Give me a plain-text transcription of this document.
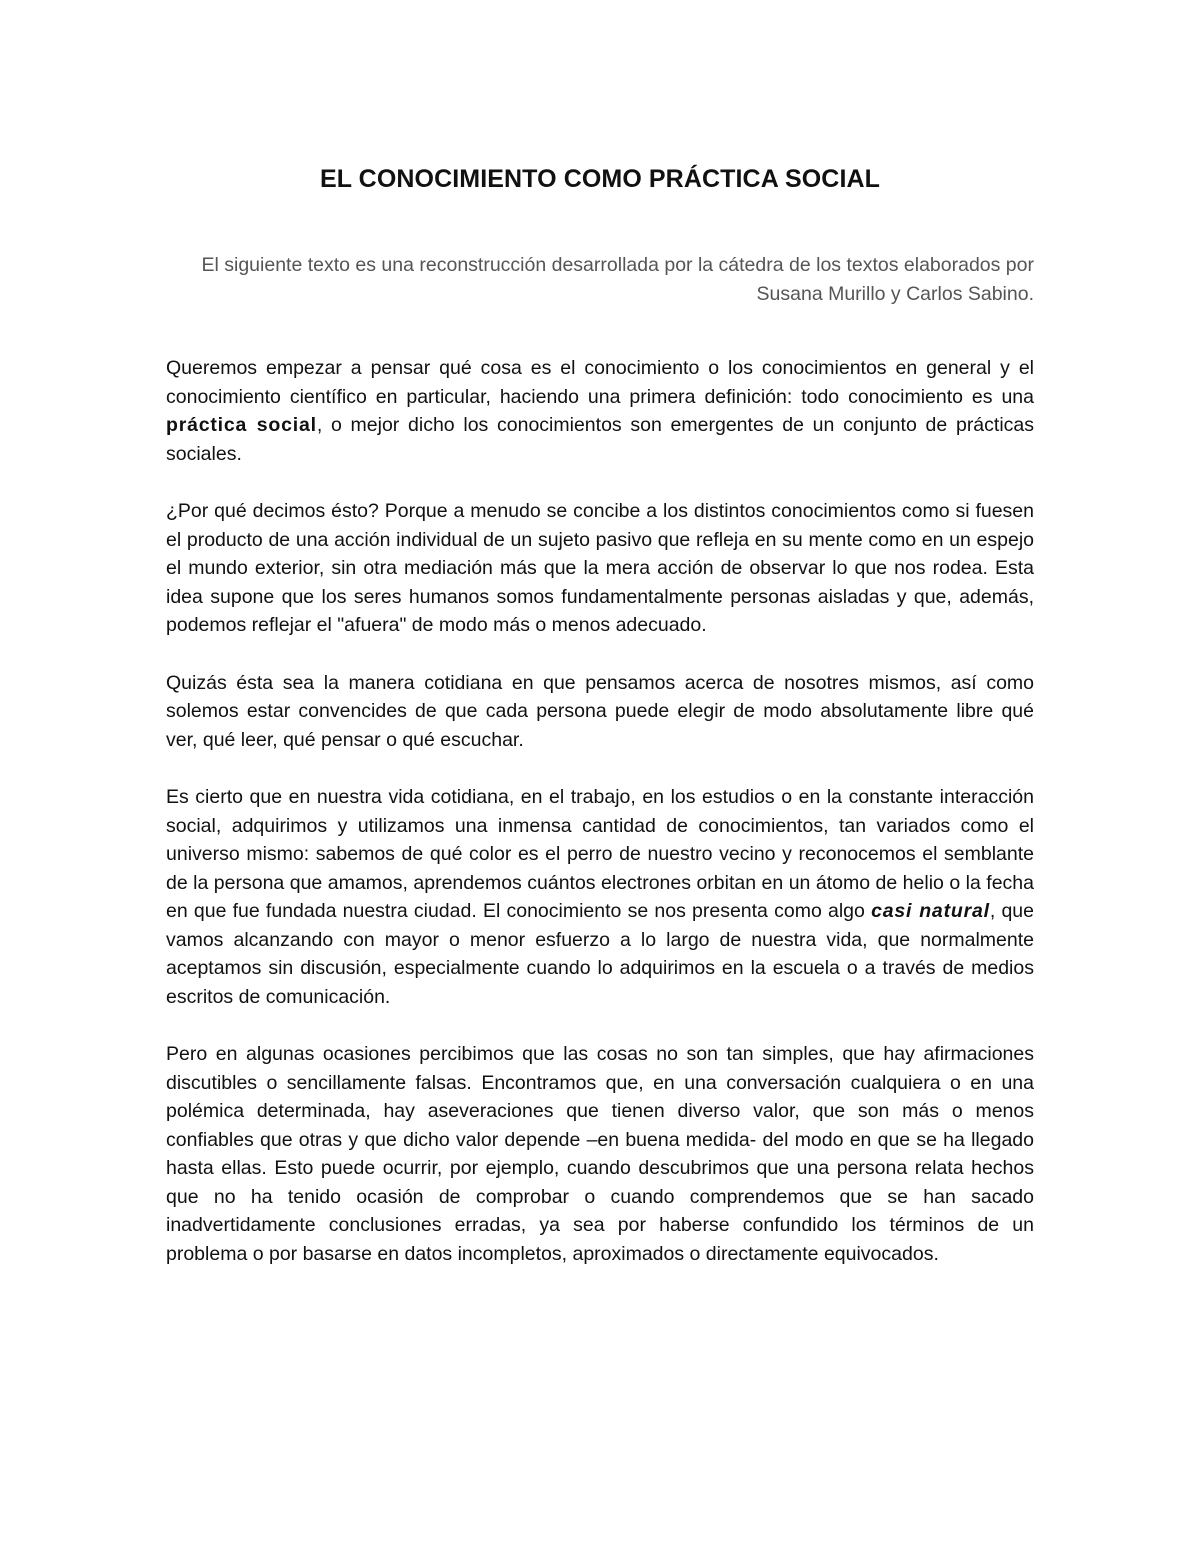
EL CONOCIMIENTO COMO PRÁCTICA SOCIAL

El siguiente texto es una reconstrucción desarrollada por la cátedra de los textos elaborados por Susana Murillo y Carlos Sabino.

Queremos empezar a pensar qué cosa es el conocimiento o los conocimientos en general y el conocimiento científico en particular, haciendo una primera definición: todo conocimiento es una práctica social, o mejor dicho los conocimientos son emergentes de un conjunto de prácticas sociales.

¿Por qué decimos ésto? Porque a menudo se concibe a los distintos conocimientos como si fuesen el producto de una acción individual de un sujeto pasivo que refleja en su mente como en un espejo el mundo exterior, sin otra mediación más que la mera acción de observar lo que nos rodea. Esta idea supone que los seres humanos somos fundamentalmente personas aisladas y que, además, podemos reflejar el "afuera" de modo más o menos adecuado.

Quizás ésta sea la manera cotidiana en que pensamos acerca de nosotres mismos, así como solemos estar convencides de que cada persona puede elegir de modo absolutamente libre qué ver, qué leer, qué pensar o qué escuchar.

Es cierto que en nuestra vida cotidiana, en el trabajo, en los estudios o en la constante interacción social, adquirimos y utilizamos una inmensa cantidad de conocimientos, tan variados como el universo mismo: sabemos de qué color es el perro de nuestro vecino y reconocemos el semblante de la persona que amamos, aprendemos cuántos electrones orbitan en un átomo de helio o la fecha en que fue fundada nuestra ciudad. El conocimiento se nos presenta como algo casi natural, que vamos alcanzando con mayor o menor esfuerzo a lo largo de nuestra vida, que normalmente aceptamos sin discusión, especialmente cuando lo adquirimos en la escuela o a través de medios escritos de comunicación.

Pero en algunas ocasiones percibimos que las cosas no son tan simples, que hay afirmaciones discutibles o sencillamente falsas. Encontramos que, en una conversación cualquiera o en una polémica determinada, hay aseveraciones que tienen diverso valor, que son más o menos confiables que otras y que dicho valor depende –en buena medida- del modo en que se ha llegado hasta ellas. Esto puede ocurrir, por ejemplo, cuando descubrimos que una persona relata hechos que no ha tenido ocasión de comprobar o cuando comprendemos que se han sacado inadvertidamente conclusiones erradas, ya sea por haberse confundido los términos de un problema o por basarse en datos incompletos, aproximados o directamente equivocados.
